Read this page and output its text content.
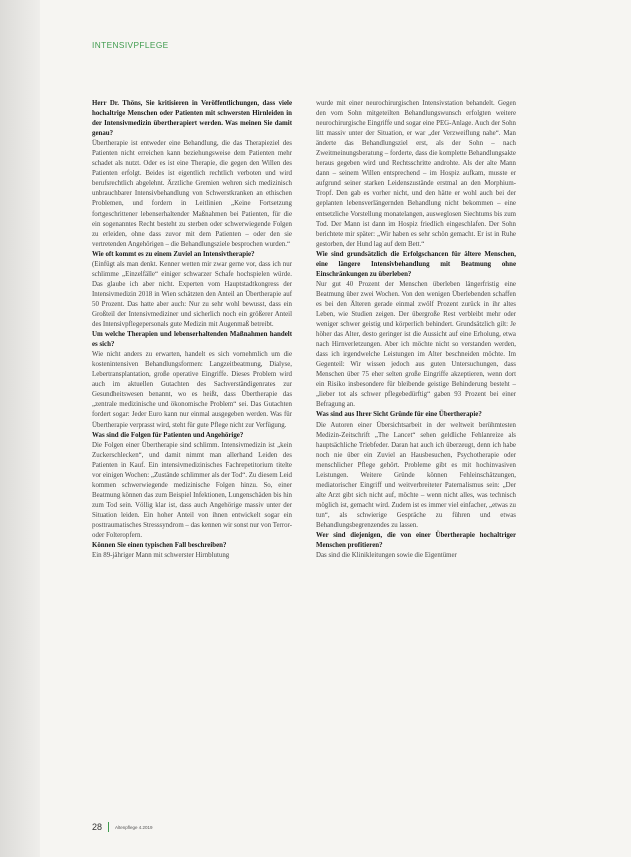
INTENSIVPFLEGE

Herr Dr. Thöns, Sie kritisieren in Veröffentlichungen, dass viele hochaltrige Menschen oder Patienten mit schwersten Hirnleiden in der Intensivmedizin übertherapiert werden. Was meinen Sie damit genau?

Übertherapie ist entweder eine Behandlung, die das Therapieziel des Patienten nicht erreichen kann beziehungsweise dem Patienten mehr schadet als nutzt. Oder es ist eine Therapie, die gegen den Willen des Patienten erfolgt. Beides ist eigentlich rechtlich verboten und wird berufsrechtlich abgelehnt. Ärztliche Gremien wehren sich medizinisch unbrauchbarer Intensivbehandlung von Schwerstkranken an ethischen Problemen, und fordern in Leitlinien „Keine Fortsetzung fortgeschrittener lebenserhaltender Maßnahmen bei Patienten, für die ein sogenanntes Recht besteht zu sterben oder schwerwiegende Folgen zu erleiden, ohne dass zuvor mit dem Patienten – oder den sie vertretenden Angehörigen – die Behandlungsziele besprochen wurden.“

Wie oft kommt es zu einem Zuviel an Intensivtherapie?

(Einfügt als man denkt. Kenner wetten mir zwar gerne vor, dass ich nur schlimme „Einzelfälle“ einiger schwarzer Schafe hochspielen würde. Das glaube ich aber nicht. Experten vom Hauptstadtkongress der Intensivmedizin 2018 in Wien schätzten den Anteil an Übertherapie auf 50 Prozent. Das hatte aber auch: Nur zu sehr wohl bewusst, dass ein Großteil der Intensivmediziner und sicherlich noch ein größerer Anteil des Intensivpflegepersonals gute Medizin mit Augenmaß betreibt.

Um welche Therapien und lebenserhaltenden Maßnahmen handelt es sich?

Wie nicht anders zu erwarten, handelt es sich vornehmlich um die kostenintensiven Behandlungsformen: Langzeitbeatmung, Dialyse, Lebertransplantation, große operative Eingriffe. Dieses Problem wird auch im aktuellen Gutachten des Sachverständigenrates zur Gesundheitswesen benannt, wo es heißt, dass Übertherapie das „zentrale medizinische und ökonomische Problem“ sei. Das Gutachten fordert sogar: Jeder Euro kann nur einmal ausgegeben werden. Was für Übertherapie verprasst wird, steht für gute Pflege nicht zur Verfügung.

Was sind die Folgen für Patienten und Angehörige?

Die Folgen einer Übertherapie sind schlimm. Intensivmedizin ist „kein Zuckerschlecken“, und damit nimmt man allerhand Leiden des Patienten in Kauf. Ein intensivmedizinisches Fachrepetitorium titelte vor einigen Wochen: „Zustände schlimmer als der Tod“. Zu diesem Leid kommen schwerwiegende medizinische Folgen hinzu. So, einer Beatmung können das zum Beispiel Infektionen, Lungenschäden bis hin zum Tod sein. Völlig klar ist, dass auch Angehörige massiv unter der Situation leiden. Ein hoher Anteil von ihnen entwickelt sogar ein posttraumatisches Stresssyndrom – das kennen wir sonst nur von Terror- oder Folteropfern.

Können Sie einen typischen Fall beschreiben?

Ein 89-jähriger Mann mit schwerster Hirnblutung

wurde mit einer neurochirurgischen Intensivstation behandelt. Gegen den vom Sohn mitgeteilten Behandlungswunsch erfolgten weitere neurochirurgische Eingriffe und sogar eine PEG-Anlage. Auch der Sohn litt massiv unter der Situation, er war „der Verzweiflung nahe“. Man änderte das Behandlungsziel erst, als der Sohn – nach Zweitmeinungsberatung – forderte, dass die komplette Behandlungsakte heraus gegeben wird und Rechtsschritte androhte. Als der alte Mann dann – seinem Willen entsprechend – im Hospiz aufkam, musste er aufgrund seiner starken Leidenszustände erstmal an den Morphium-Tropf. Den gab es vorher nicht, und den hätte er wohl auch bei der geplanten lebensverlängernden Behandlung nicht bekommen – eine entsetzliche Vorstellung monatelangen, ausweglosen Siechtums bis zum Tod. Der Mann ist dann im Hospiz friedlich eingeschlafen. Der Sohn berichtete mir später: „Wir haben es sehr schön gemacht. Er ist in Ruhe gestorben, der Hund lag auf dem Bett.“

Wie sind grundsätzlich die Erfolgschancen für ältere Menschen, eine längere Intensivbehandlung mit Beatmung ohne Einschränkungen zu überleben?

Nur gut 40 Prozent der Menschen überleben längerfristig eine Beatmung über zwei Wochen. Von den wenigen Überlebenden schaffen es bei den Älteren gerade einmal zwölf Prozent zurück in ihr altes Leben, wie Studien zeigen. Der übergroße Rest verbleibt mehr oder weniger schwer geistig und körperlich behindert. Grundsätzlich gilt: Je höher das Alter, desto geringer ist die Aussicht auf eine Erholung, etwa nach Hirnverletzungen. Aber ich möchte nicht so verstanden werden, dass ich irgendwelche Leistungen im Alter beschneiden möchte. Im Gegenteil: Wir wissen jedoch aus guten Untersuchungen, dass Menschen über 75 eher selten große Eingriffe akzeptieren, wenn dort ein Risiko insbesondere für bleibende geistige Behinderung besteht – „lieber tot als schwer pflegebedürftig“ gaben 93 Prozent bei einer Befragung an.

Was sind aus Ihrer Sicht Gründe für eine Übertherapie?

Die Autoren einer Übersichtsarbeit in der weltweit berühmtesten Medizin-Zeitschrift „The Lancet“ sehen geldliche Fehlanreize als hauptsächliche Triebfeder. Daran hat auch ich überzeugt, denn ich habe noch nie über ein Zuviel an Hausbesuchen, Psychotherapie oder menschlicher Pflege gehört. Probleme gibt es mit hochinvasiven Leistungen. Weitere Gründe können Fehleinschätzungen, mediatorischer Eingriff und weitverbreiteter Paternalismus sein: „Der alte Arzt gibt sich nicht auf, möchte – wenn nicht alles, was technisch möglich ist, gemacht wird. Zudem ist es immer viel einfacher, „etwas zu tun“, als schwierige Gespräche zu führen und etwas Behandlungsbegrenzendes zu lassen.

Wer sind diejenigen, die von einer Übertherapie hochaltriger Menschen profitieren?

Das sind die Klinikleitungen sowie die Eigentümer

28	Altenpflege 4.2019
